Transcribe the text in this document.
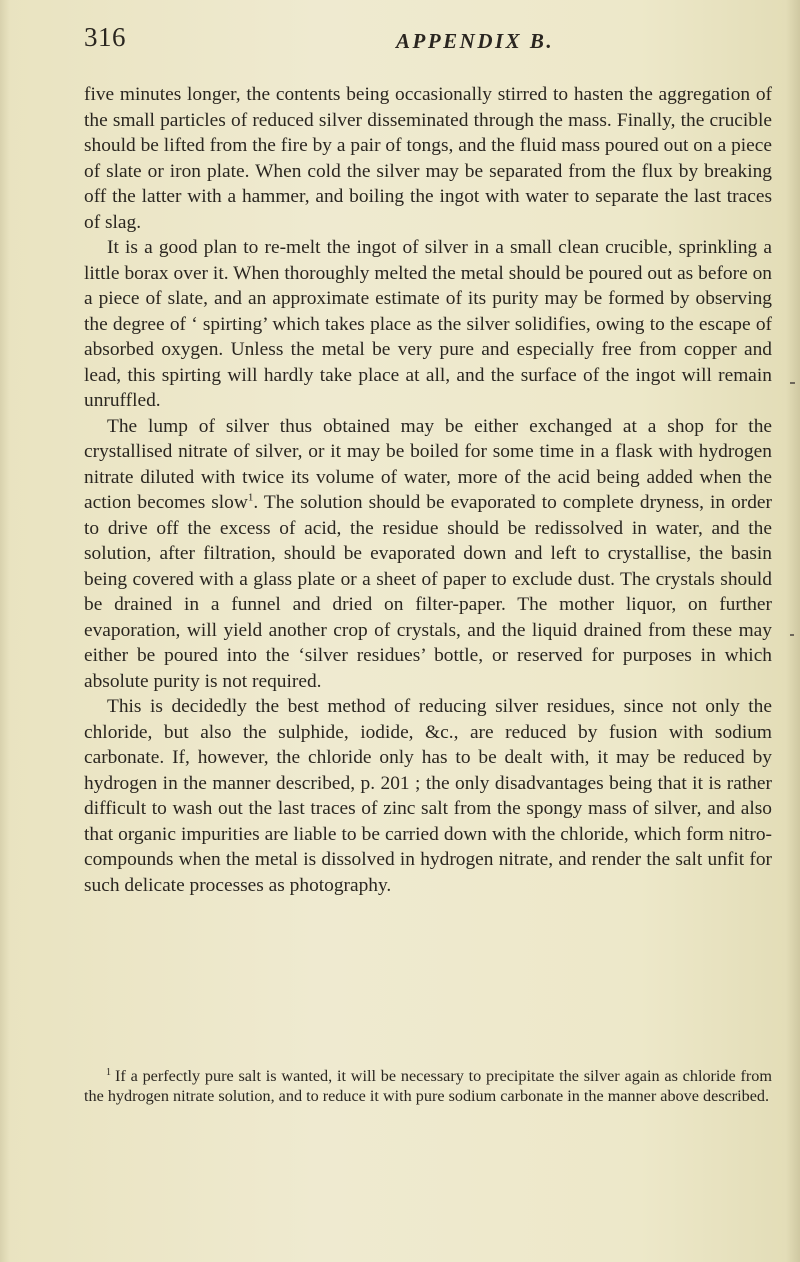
316	APPENDIX B.

five minutes longer, the contents being occasionally stirred to hasten the aggregation of the small particles of reduced silver disseminated through the mass. Finally, the crucible should be lifted from the fire by a pair of tongs, and the fluid mass poured out on a piece of slate or iron plate. When cold the silver may be separated from the flux by breaking off the latter with a hammer, and boiling the ingot with water to separate the last traces of slag.

It is a good plan to re-melt the ingot of silver in a small clean crucible, sprinkling a little borax over it. When thoroughly melted the metal should be poured out as before on a piece of slate, and an approximate estimate of its purity may be formed by observing the degree of ‘ spirting’ which takes place as the silver solidifies, owing to the escape of absorbed oxygen. Unless the metal be very pure and especially free from copper and lead, this spirting will hardly take place at all, and the surface of the ingot will remain unruffled.

The lump of silver thus obtained may be either exchanged at a shop for the crystallised nitrate of silver, or it may be boiled for some time in a flask with hydrogen nitrate diluted with twice its volume of water, more of the acid being added when the action becomes slow$^1$. The solution should be evaporated to complete dryness, in order to drive off the excess of acid, the residue should be redissolved in water, and the solution, after filtration, should be evaporated down and left to crystallise, the basin being covered with a glass plate or a sheet of paper to exclude dust. The crystals should be drained in a funnel and dried on filter-paper. The mother liquor, on further evaporation, will yield another crop of crystals, and the liquid drained from these may either be poured into the ‘silver residues’ bottle, or reserved for purposes in which absolute purity is not required.

This is decidedly the best method of reducing silver residues, since not only the chloride, but also the sulphide, iodide, &c., are reduced by fusion with sodium carbonate. If, however, the chloride only has to be dealt with, it may be reduced by hydrogen in the manner described, p. 201 ; the only disadvantages being that it is rather difficult to wash out the last traces of zinc salt from the spongy mass of silver, and also that organic impurities are liable to be carried down with the chloride, which form nitro-compounds when the metal is dissolved in hydrogen nitrate, and render the salt unfit for such delicate processes as photography.

$^1$ If a perfectly pure salt is wanted, it will be necessary to precipitate the silver again as chloride from the hydrogen nitrate solution, and to reduce it with pure sodium carbonate in the manner above described.
